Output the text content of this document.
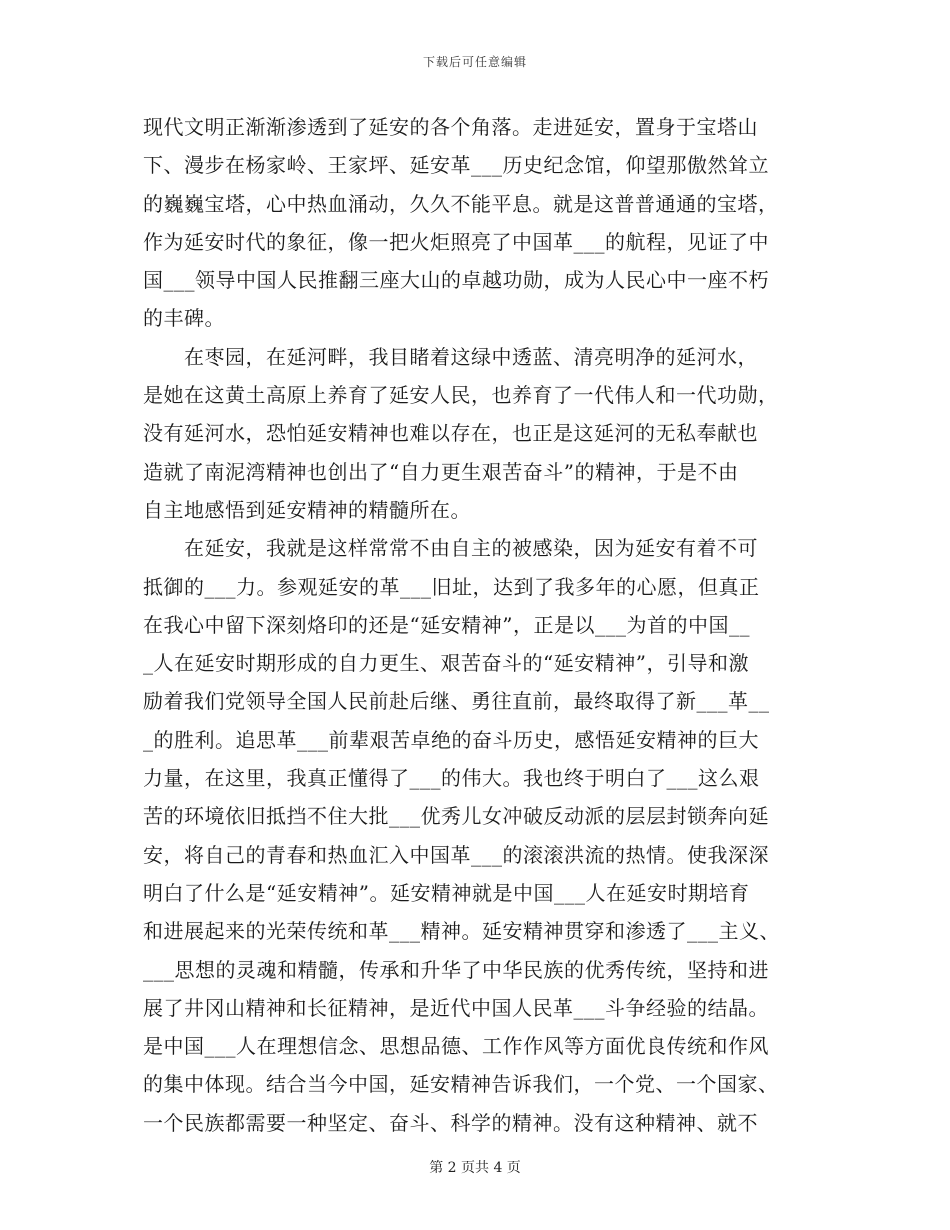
下载后可任意编辑
现代文明正渐渐渗透到了延安的各个角落。走进延安，置身于宝塔山
下、漫步在杨家岭、王家坪、延安革___历史纪念馆，仰望那傲然耸立
的巍巍宝塔，心中热血涌动，久久不能平息。就是这普普通通的宝塔，
作为延安时代的象征，像一把火炬照亮了中国革___的航程，见证了中
国___领导中国人民推翻三座大山的卓越功勋，成为人民心中一座不朽
的丰碑。
在枣园，在延河畔，我目睹着这绿中透蓝、清亮明净的延河水，
是她在这黄土高原上养育了延安人民，也养育了一代伟人和一代功勋，
没有延河水，恐怕延安精神也难以存在，也正是这延河的无私奉献也
造就了南泥湾精神也创出了“自力更生艰苦奋斗”的精神，于是不由
自主地感悟到延安精神的精髓所在。
在延安，我就是这样常常不由自主的被感染，因为延安有着不可
抵御的___力。参观延安的革___旧址，达到了我多年的心愿，但真正
在我心中留下深刻烙印的还是“延安精神”，正是以___为首的中国__
_人在延安时期形成的自力更生、艰苦奋斗的“延安精神”，引导和激
励着我们党领导全国人民前赴后继、勇往直前，最终取得了新___革__
_的胜利。追思革___前辈艰苦卓绝的奋斗历史，感悟延安精神的巨大
力量，在这里，我真正懂得了___的伟大。我也终于明白了___这么艰
苦的环境依旧抵挡不住大批___优秀儿女冲破反动派的层层封锁奔向延
安，将自己的青春和热血汇入中国革___的滚滚洪流的热情。使我深深
明白了什么是“延安精神”。延安精神就是中国___人在延安时期培育
和进展起来的光荣传统和革___精神。延安精神贯穿和渗透了___主义、
___思想的灵魂和精髓，传承和升华了中华民族的优秀传统，坚持和进
展了井冈山精神和长征精神，是近代中国人民革___斗争经验的结晶。
是中国___人在理想信念、思想品德、工作作风等方面优良传统和作风
的集中体现。结合当今中国，延安精神告诉我们，一个党、一个国家、
一个民族都需要一种坚定、奋斗、科学的精神。没有这种精神、就不
第 2 页共 4 页
